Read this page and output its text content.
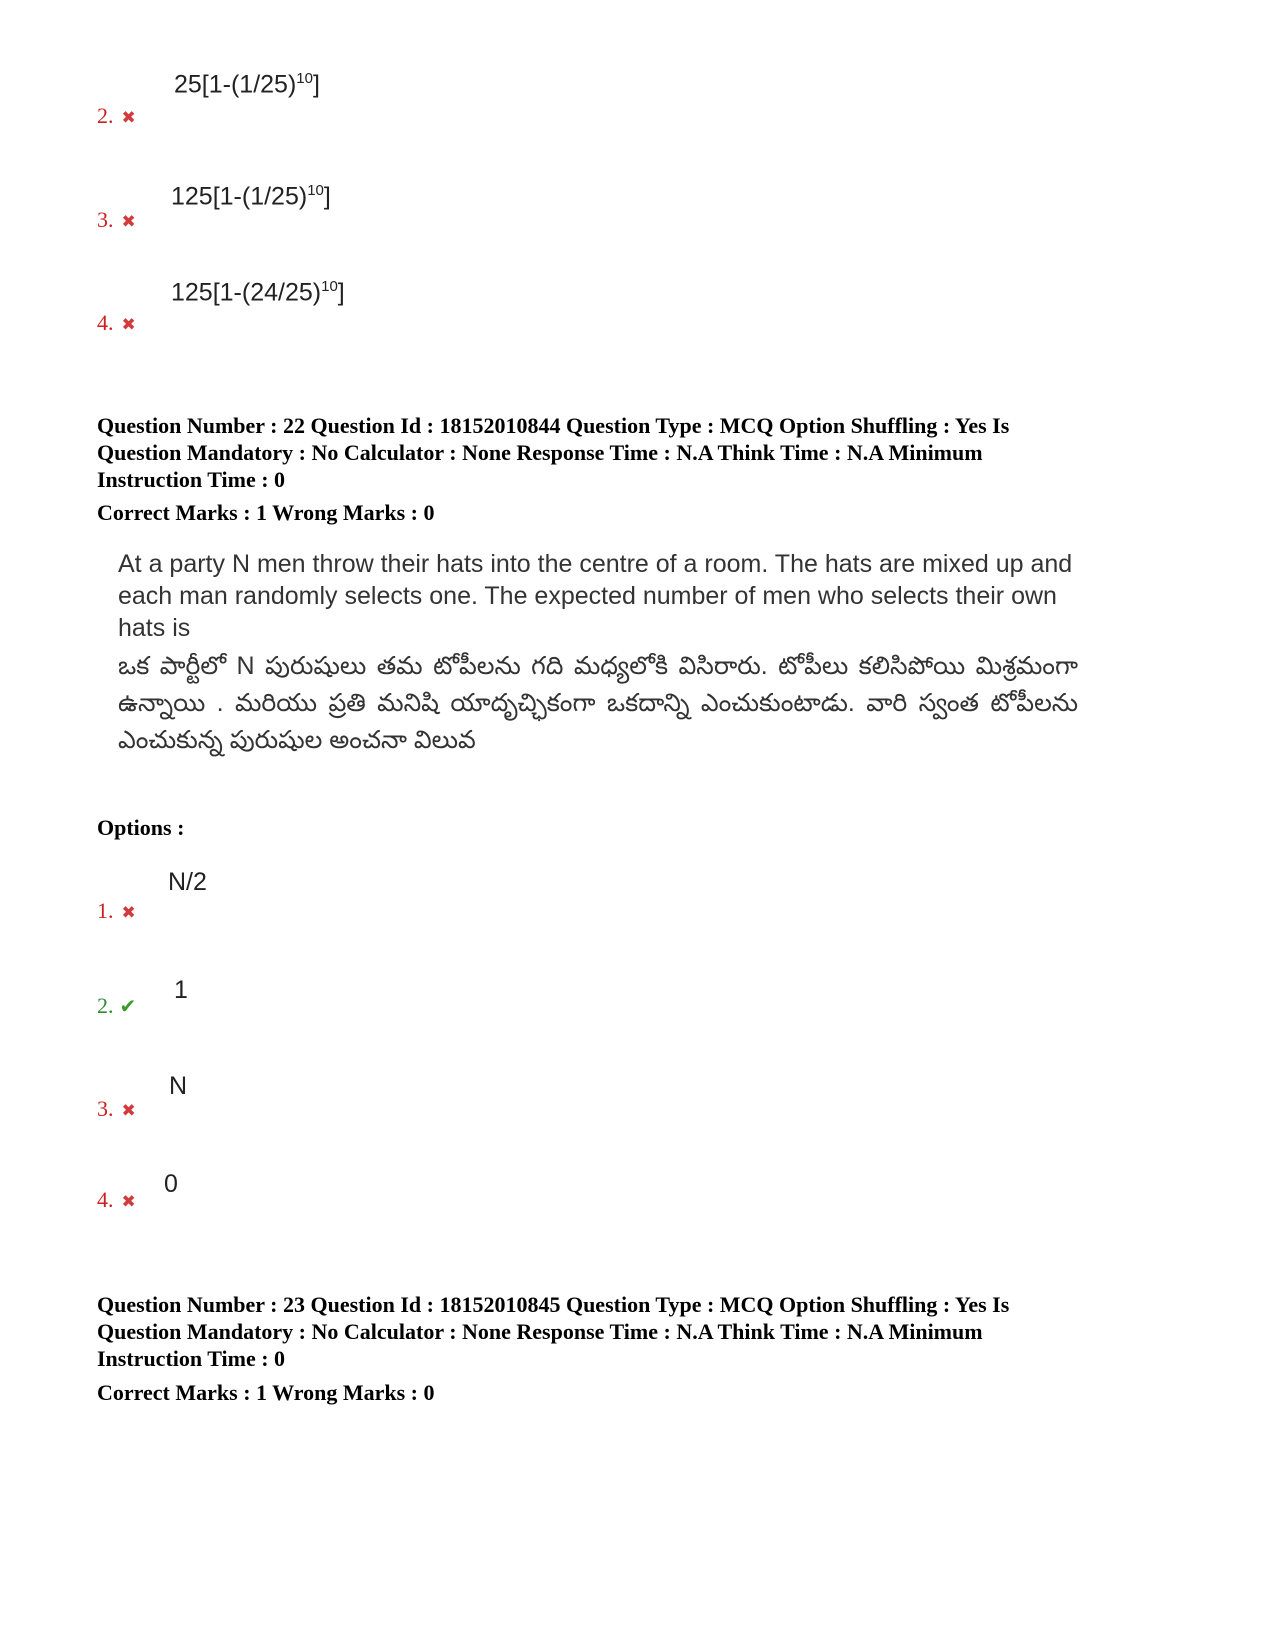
$25[1-(1/25)^{10}]$
2. ✖
$125[1-(1/25)^{10}]$
3. ✖
$125[1-(24/25)^{10}]$
4. ✖
Question Number : 22 Question Id : 18152010844 Question Type : MCQ Option Shuffling : Yes Is
Question Mandatory : No Calculator : None Response Time : N.A Think Time : N.A Minimum
Instruction Time : 0
Correct Marks : 1 Wrong Marks : 0
At a party N men throw their hats into the centre of a room. The hats are mixed up and each man randomly selects one. The expected number of men who selects their own hats is
ఒక పార్టీలో N పురుషులు తమ టోపీలను గది మధ్యలోకి విసిరారు. టోపీలు కలిసిపోయి మిశ్రమంగా ఉన్నాయి . మరియు ప్రతి మనిషి యాదృచ్ఛికంగా ఒకదాన్ని ఎంచుకుంటాడు. వారి స్వంత టోపీలను ఎంచుకున్న పురుషుల అంచనా విలువ
Options :
N/2
1. ✖
1
2. ✔
N
3. ✖
0
4. ✖
Question Number : 23 Question Id : 18152010845 Question Type : MCQ Option Shuffling : Yes Is
Question Mandatory : No Calculator : None Response Time : N.A Think Time : N.A Minimum
Instruction Time : 0
Correct Marks : 1 Wrong Marks : 0
